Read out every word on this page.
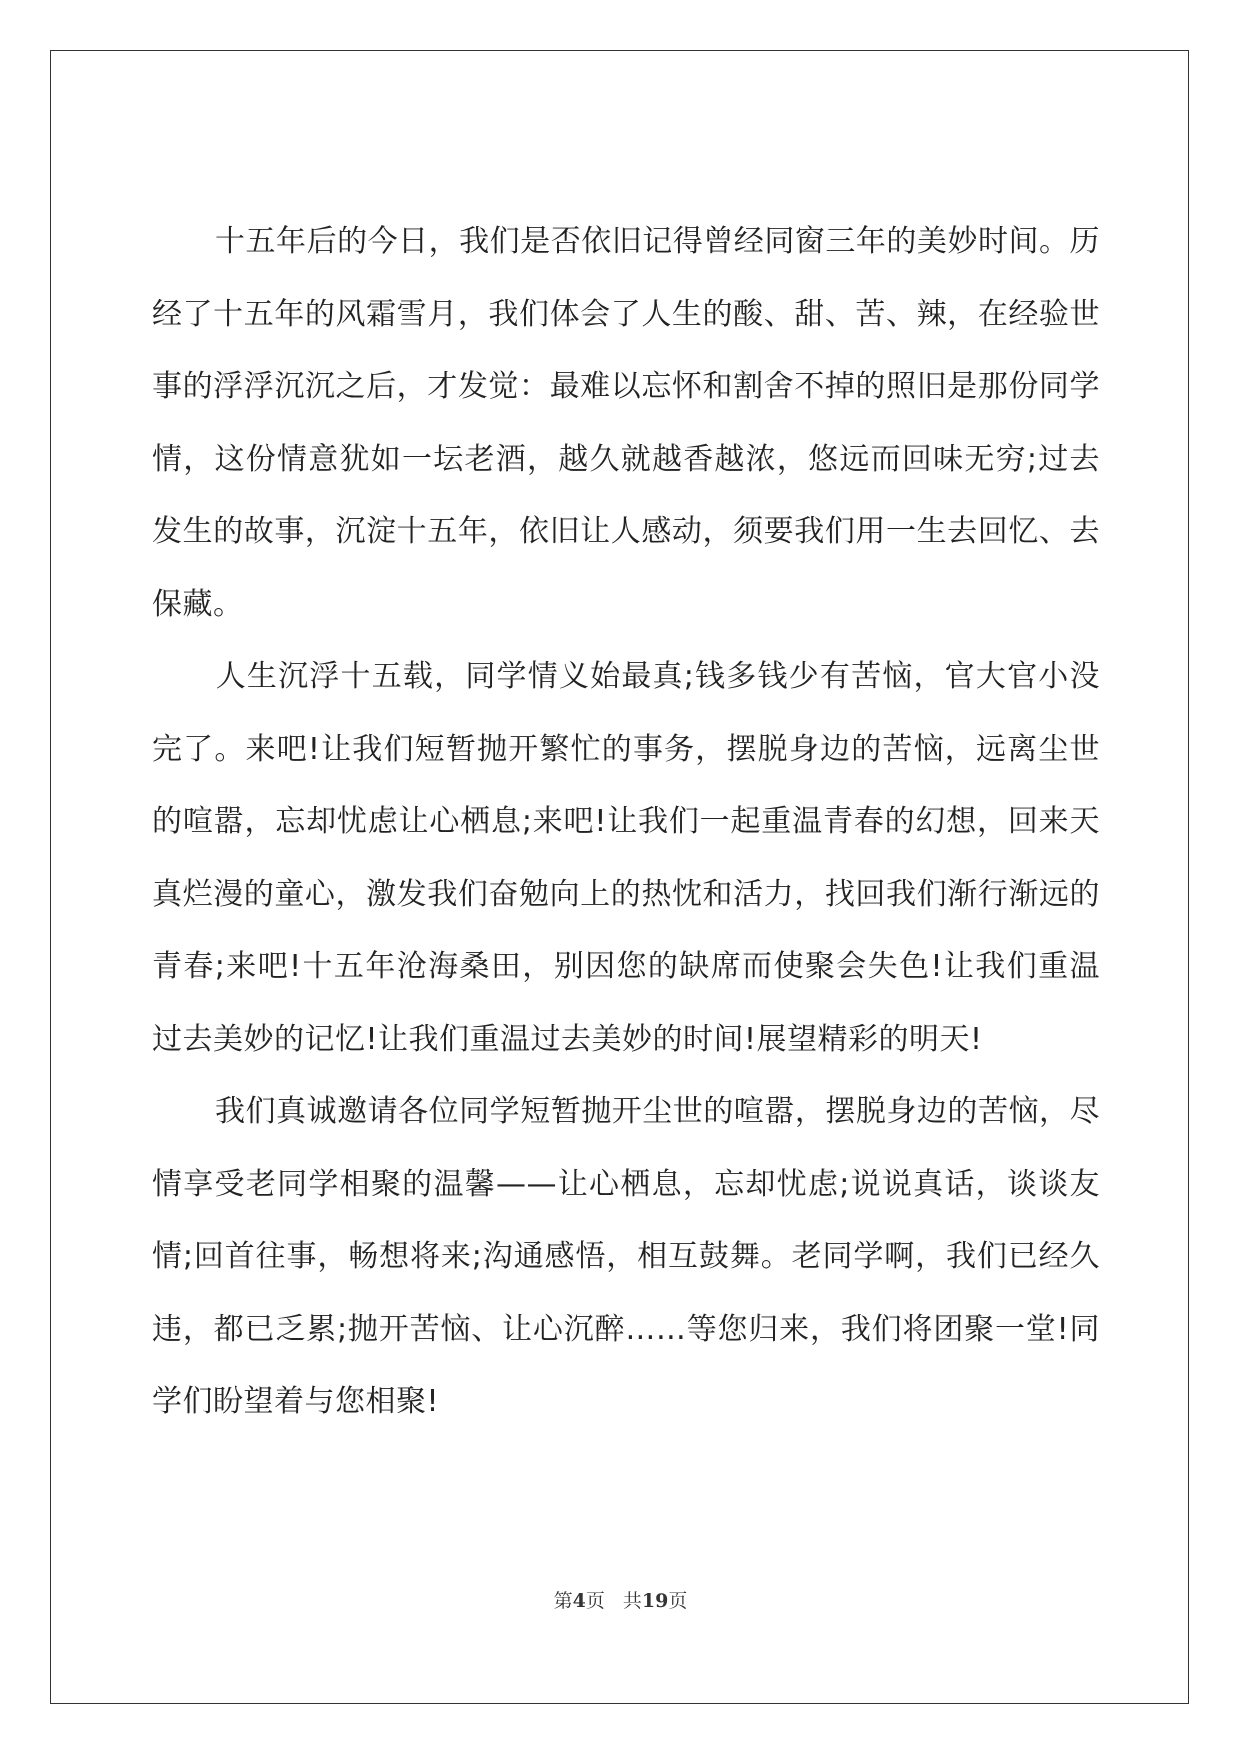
十五年后的今日，我们是否依旧记得曾经同窗三年的美妙时间。历经了十五年的风霜雪月，我们体会了人生的酸、甜、苦、辣，在经验世事的浮浮沉沉之后，才发觉：最难以忘怀和割舍不掉的照旧是那份同学情，这份情意犹如一坛老酒，越久就越香越浓，悠远而回味无穷;过去发生的故事，沉淀十五年，依旧让人感动，须要我们用一生去回忆、去保藏。

人生沉浮十五载，同学情义始最真;钱多钱少有苦恼，官大官小没完了。来吧!让我们短暂抛开繁忙的事务，摆脱身边的苦恼，远离尘世的喧嚣，忘却忧虑让心栖息;来吧!让我们一起重温青春的幻想，回来天真烂漫的童心，激发我们奋勉向上的热忱和活力，找回我们渐行渐远的青春;来吧!十五年沧海桑田，别因您的缺席而使聚会失色!让我们重温过去美妙的记忆!让我们重温过去美妙的时间!展望精彩的明天!

我们真诚邀请各位同学短暂抛开尘世的喧嚣，摆脱身边的苦恼，尽情享受老同学相聚的温馨——让心栖息，忘却忧虑;说说真话，谈谈友情;回首往事，畅想将来;沟通感悟，相互鼓舞。老同学啊，我们已经久违，都已乏累;抛开苦恼、让心沉醉……等您归来，我们将团聚一堂!同学们盼望着与您相聚!

第4页 共19页
